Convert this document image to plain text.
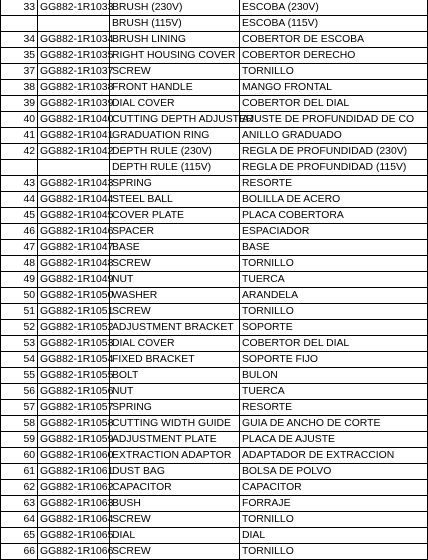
33	GG882-1R1033	BRUSH (230V)	ESCOBA (230V)
		BRUSH (115V)	ESCOBA (115V)
34	GG882-1R1034	BRUSH LINING	COBERTOR DE ESCOBA
35	GG882-1R1035	RIGHT HOUSING COVER	COBERTOR DERECHO
37	GG882-1R1037	SCREW	TORNILLO
38	GG882-1R1038	FRONT HANDLE	MANGO FRONTAL
39	GG882-1R1039	DIAL COVER	COBERTOR DEL DIAL
40	GG882-1R1040	CUTTING DEPTH ADJUSTER	AJUSTE DE PROFUNDIDAD DE CO
41	GG882-1R1041	GRADUATION RING	ANILLO GRADUADO
42	GG882-1R1042	DEPTH RULE (230V)	REGLA DE PROFUNDIDAD (230V)
		DEPTH RULE (115V)	REGLA DE PROFUNDIDAD (115V)
43	GG882-1R1043	SPRING	RESORTE
44	GG882-1R1044	STEEL BALL	BOLILLA DE ACERO
45	GG882-1R1045	COVER PLATE	PLACA COBERTORA
46	GG882-1R1046	SPACER	ESPACIADOR
47	GG882-1R1047	BASE	BASE
48	GG882-1R1048	SCREW	TORNILLO
49	GG882-1R1049	NUT	TUERCA
50	GG882-1R1050	WASHER	ARANDELA
51	GG882-1R1051	SCREW	TORNILLO
52	GG882-1R1052	ADJUSTMENT BRACKET	SOPORTE
53	GG882-1R1053	DIAL COVER	COBERTOR DEL DIAL
54	GG882-1R1054	FIXED BRACKET	SOPORTE FIJO
55	GG882-1R1055	BOLT	BULON
56	GG882-1R1056	NUT	TUERCA
57	GG882-1R1057	SPRING	RESORTE
58	GG882-1R1058	CUTTING WIDTH GUIDE	GUIA DE ANCHO DE CORTE
59	GG882-1R1059	ADJUSTMENT PLATE	PLACA DE AJUSTE
60	GG882-1R1060	EXTRACTION ADAPTOR	ADAPTADOR DE EXTRACCION
61	GG882-1R1061	DUST BAG	BOLSA DE POLVO
62	GG882-1R1062	CAPACITOR	CAPACITOR
63	GG882-1R1063	BUSH	FORRAJE
64	GG882-1R1064	SCREW	TORNILLO
65	GG882-1R1065	DIAL	DIAL
66	GG882-1R1066	SCREW	TORNILLO
